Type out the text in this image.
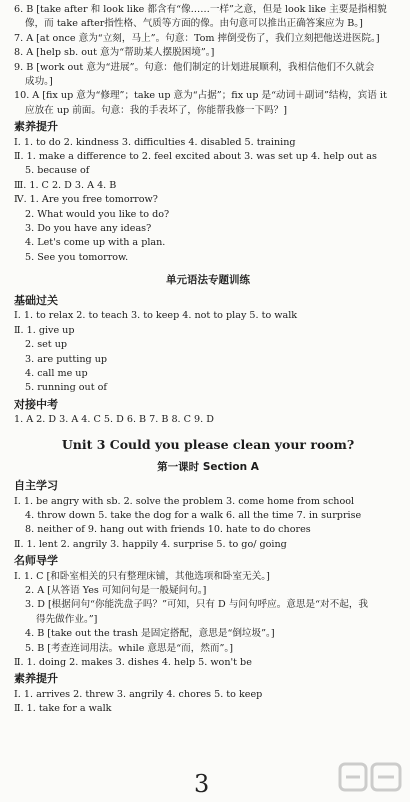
6. B [take after 和 look like 都含有“像……一样”之意，但是 look like 主要是指相貌
像，而 take after指性格、气质等方面的像。由句意可以推出正确答案应为 B。]
7. A [at once 意为“立刻，马上”。句意：Tom 摔倒受伤了，我们立刻把他送进医院。]
8. A [help sb. out 意为“帮助某人摆脱困境”。]
9. B [work out 意为“进展”。句意：他们制定的计划进展顺利，我相信他们不久就会
成功。]
10. A [fix up 意为“修理”；take up 意为“占据”；fix up 是“动词＋副词”结构，宾语 it
应放在 up 前面。句意：我的手表坏了，你能帮我修一下吗？]
素养提升
Ⅰ. 1. to do 2. kindness 3. difficulties 4. disabled 5. training
Ⅱ. 1. make a difference to 2. feel excited about 3. was set up 4. help out as
5. because of
Ⅲ. 1. C 2. D 3. A 4. B
Ⅳ. 1. Are you free tomorrow?
2. What would you like to do?
3. Do you have any ideas?
4. Let's come up with a plan.
5. See you tomorrow.
单元语法专题训练
基础过关
Ⅰ. 1. to relax 2. to teach 3. to keep 4. not to play 5. to walk
Ⅱ. 1. give up
2. set up
3. are putting up
4. call me up
5. running out of
对接中考
1. A 2. D 3. A 4. C 5. D 6. B 7. B 8. C 9. D
Unit 3 Could you please clean your room?
第一课时 Section A
自主学习
Ⅰ. 1. be angry with sb. 2. solve the problem 3. come home from school
4. throw down 5. take the dog for a walk 6. all the time 7. in surprise
8. neither of 9. hang out with friends 10. hate to do chores
Ⅱ. 1. lent 2. angrily 3. happily 4. surprise 5. to go/ going
名师导学
Ⅰ. 1. C [和卧室相关的只有整理床铺，其他选项和卧室无关。]
2. A [从答语 Yes 可知问句是一般疑问句。]
3. D [根据问句“你能洗盘子吗？”可知，只有 D 与问句呼应。意思是“对不起，我
得先做作业。”]
4. B [take out the trash 是固定搭配，意思是“倒垃圾”。]
5. B [考查连词用法。while 意思是“而，然而”。]
Ⅱ. 1. doing 2. makes 3. dishes 4. help 5. won't be
素养提升
Ⅰ. 1. arrives 2. threw 3. angrily 4. chores 5. to keep
Ⅱ. 1. take for a walk
3
